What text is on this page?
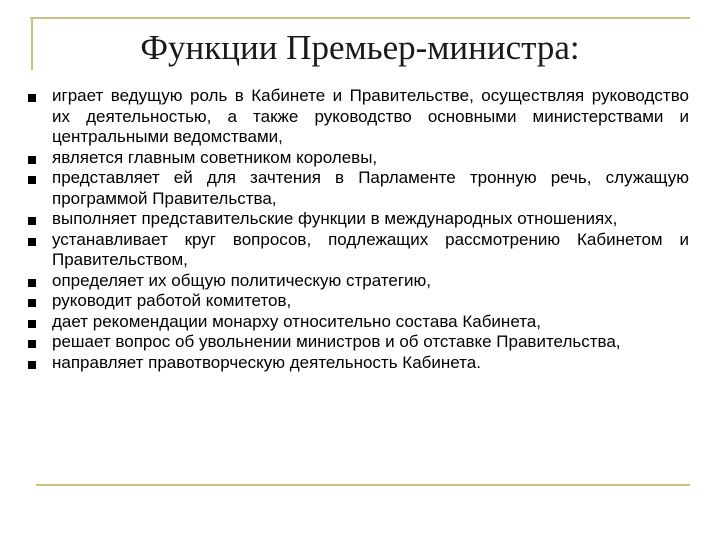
Функции Премьер-министра:
играет ведущую роль в Кабинете и Правительстве, осуществляя руководство их деятельностью, а также руководство основными министерствами и центральными ведомствами,
является главным советником королевы,
представляет ей для зачтения в Парламенте тронную речь, служащую программой Правительства,
выполняет представительские функции в международных отношениях,
устанавливает круг вопросов, подлежащих рассмотрению Кабинетом и Правительством,
определяет их общую политическую стратегию,
руководит работой комитетов,
дает рекомендации монарху относительно состава Кабинета,
решает вопрос об увольнении министров и об отставке Правительства,
направляет правотворческую деятельность Кабинета.
